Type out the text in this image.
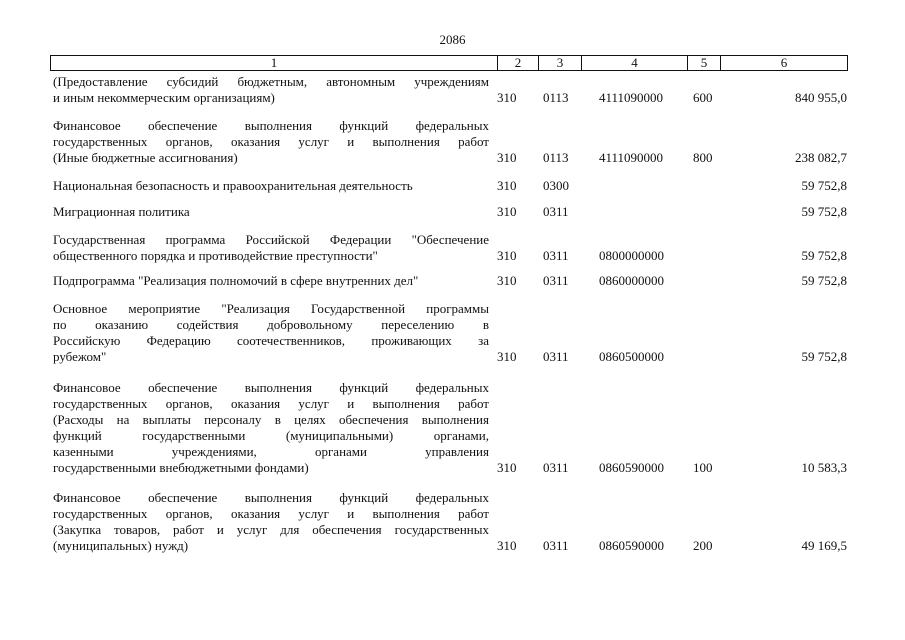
2086
1	2	3	4	5	6
(Предоставление субсидий бюджетным, автономным учреждениям
и иным некоммерческим организациям)	310 0113 4111090000 600	840 955,0
Финансовое обеспечение выполнения функций федеральных
государственных органов, оказания услуг и выполнения работ
(Иные бюджетные ассигнования)	310 0113 4111090000 800	238 082,7
Национальная безопасность и правоохранительная деятельность	310 0300	59 752,8
Миграционная политика	310 0311	59 752,8
Государственная программа Российской Федерации "Обеспечение
общественного порядка и противодействие преступности"	310 0311 0800000000	59 752,8
Подпрограмма "Реализация полномочий в сфере внутренних дел"	310 0311 0860000000	59 752,8
Основное мероприятие "Реализация Государственной программы
по оказанию содействия добровольному переселению в
Российскую Федерацию соотечественников, проживающих за
рубежом"	310 0311 0860500000	59 752,8
Финансовое обеспечение выполнения функций федеральных
государственных органов, оказания услуг и выполнения работ
(Расходы на выплаты персоналу в целях обеспечения выполнения
функций государственными (муниципальными) органами,
казенными учреждениями, органами управления
государственными внебюджетными фондами)	310 0311 0860590000 100	10 583,3
Финансовое обеспечение выполнения функций федеральных
государственных органов, оказания услуг и выполнения работ
(Закупка товаров, работ и услуг для обеспечения государственных
(муниципальных) нужд)	310 0311 0860590000 200	49 169,5
